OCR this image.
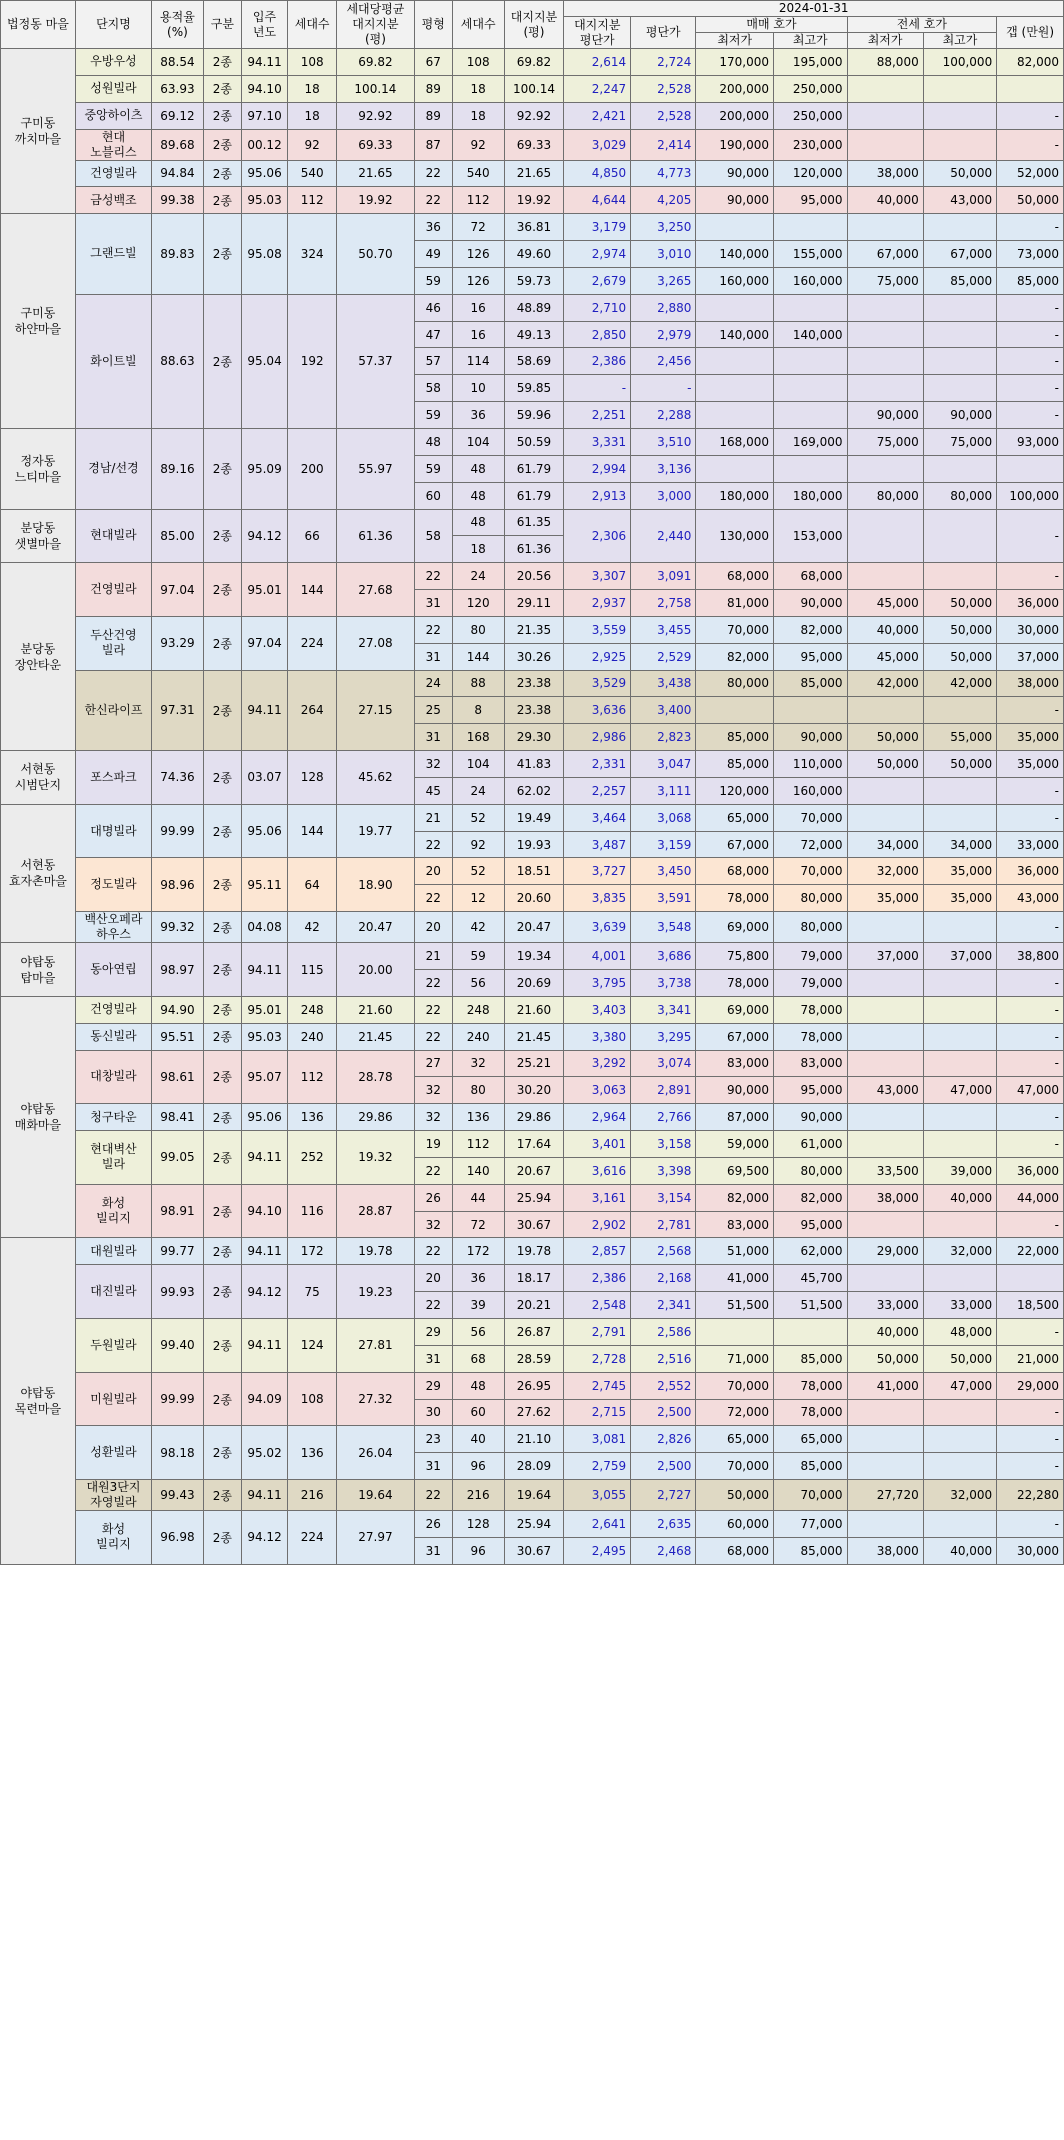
법정동 마을	단지명	용적율 (%)	구분	입주 년도	세대수	세대당평균 대지지분 (평)	평형	세대수	대지지분 (평)	2024-01-31						
										대지지분 평단가	평단가	매매 호가		전세 호가		갭 (만원)
												최저가	최고가	최저가	최고가	
구미동
까치마을	우방우성	88.54	2종	94.11	108	69.82	67	108	69.82	2,614	2,724	170,000	195,000	88,000	100,000	82,000
	성원빌라	63.93	2종	94.10	18	100.14	89	18	100.14	2,247	2,528	200,000	250,000			
	중앙하이츠	69.12	2종	97.10	18	92.92	89	18	92.92	2,421	2,528	200,000	250,000			-
	현대
노블리스	89.68	2종	00.12	92	69.33	87	92	69.33	3,029	2,414	190,000	230,000			-
	건영빌라	94.84	2종	95.06	540	21.65	22	540	21.65	4,850	4,773	90,000	120,000	38,000	50,000	52,000
	금성백조	99.38	2종	95.03	112	19.92	22	112	19.92	4,644	4,205	90,000	95,000	40,000	43,000	50,000
구미동
하얀마을	그랜드빌	89.83	2종	95.08	324	50.70	36	72	36.81	3,179	3,250					-
							49	126	49.60	2,974	3,010	140,000	155,000	67,000	67,000	73,000
							59	126	59.73	2,679	3,265	160,000	160,000	75,000	85,000	85,000
	화이트빌	88.63	2종	95.04	192	57.37	46	16	48.89	2,710	2,880					-
							47	16	49.13	2,850	2,979	140,000	140,000			-
							57	114	58.69	2,386	2,456					-
							58	10	59.85	-	-					-
							59	36	59.96	2,251	2,288			90,000	90,000	-
정자동
느티마을	경남/선경	89.16	2종	95.09	200	55.97	48	104	50.59	3,331	3,510	168,000	169,000	75,000	75,000	93,000
							59	48	61.79	2,994	3,136					
							60	48	61.79	2,913	3,000	180,000	180,000	80,000	80,000	100,000
분당동
샛별마을	현대빌라	85.00	2종	94.12	66	61.36	58	48	61.35	2,306	2,440	130,000	153,000			-
								18	61.36							
분당동
장안타운	건영빌라	97.04	2종	95.01	144	27.68	22	24	20.56	3,307	3,091	68,000	68,000			-
							31	120	29.11	2,937	2,758	81,000	90,000	45,000	50,000	36,000
	두산건영
빌라	93.29	2종	97.04	224	27.08	22	80	21.35	3,559	3,455	70,000	82,000	40,000	50,000	30,000
							31	144	30.26	2,925	2,529	82,000	95,000	45,000	50,000	37,000
	한신라이프	97.31	2종	94.11	264	27.15	24	88	23.38	3,529	3,438	80,000	85,000	42,000	42,000	38,000
							25	8	23.38	3,636	3,400					-
							31	168	29.30	2,986	2,823	85,000	90,000	50,000	55,000	35,000
서현동
시범단지	포스파크	74.36	2종	03.07	128	45.62	32	104	41.83	2,331	3,047	85,000	110,000	50,000	50,000	35,000
							45	24	62.02	2,257	3,111	120,000	160,000			-
서현동
효자촌마을	대명빌라	99.99	2종	95.06	144	19.77	21	52	19.49	3,464	3,068	65,000	70,000			-
							22	92	19.93	3,487	3,159	67,000	72,000	34,000	34,000	33,000
	정도빌라	98.96	2종	95.11	64	18.90	20	52	18.51	3,727	3,450	68,000	70,000	32,000	35,000	36,000
							22	12	20.60	3,835	3,591	78,000	80,000	35,000	35,000	43,000
	백산오페라
하우스	99.32	2종	04.08	42	20.47	20	42	20.47	3,639	3,548	69,000	80,000			-
야탑동
탑마을	동아연립	98.97	2종	94.11	115	20.00	21	59	19.34	4,001	3,686	75,800	79,000	37,000	37,000	38,800
							22	56	20.69	3,795	3,738	78,000	79,000			-
야탑동
매화마을	건영빌라	94.90	2종	95.01	248	21.60	22	248	21.60	3,403	3,341	69,000	78,000			-
	동신빌라	95.51	2종	95.03	240	21.45	22	240	21.45	3,380	3,295	67,000	78,000			-
	대창빌라	98.61	2종	95.07	112	28.78	27	32	25.21	3,292	3,074	83,000	83,000			-
							32	80	30.20	3,063	2,891	90,000	95,000	43,000	47,000	47,000
	청구타운	98.41	2종	95.06	136	29.86	32	136	29.86	2,964	2,766	87,000	90,000			-
	현대벽산
빌라	99.05	2종	94.11	252	19.32	19	112	17.64	3,401	3,158	59,000	61,000			-
							22	140	20.67	3,616	3,398	69,500	80,000	33,500	39,000	36,000
	화성
빌리지	98.91	2종	94.10	116	28.87	26	44	25.94	3,161	3,154	82,000	82,000	38,000	40,000	44,000
							32	72	30.67	2,902	2,781	83,000	95,000			-
야탑동
목련마을	대원빌라	99.77	2종	94.11	172	19.78	22	172	19.78	2,857	2,568	51,000	62,000	29,000	32,000	22,000
	대진빌라	99.93	2종	94.12	75	19.23	20	36	18.17	2,386	2,168	41,000	45,700			
							22	39	20.21	2,548	2,341	51,500	51,500	33,000	33,000	18,500
	두원빌라	99.40	2종	94.11	124	27.81	29	56	26.87	2,791	2,586			40,000	48,000	-
							31	68	28.59	2,728	2,516	71,000	85,000	50,000	50,000	21,000
	미원빌라	99.99	2종	94.09	108	27.32	29	48	26.95	2,745	2,552	70,000	78,000	41,000	47,000	29,000
							30	60	27.62	2,715	2,500	72,000	78,000			-
	성환빌라	98.18	2종	95.02	136	26.04	23	40	21.10	3,081	2,826	65,000	65,000			-
							31	96	28.09	2,759	2,500	70,000	85,000			-
	대원3단지
자영빌라	99.43	2종	94.11	216	19.64	22	216	19.64	3,055	2,727	50,000	70,000	27,720	32,000	22,280
	화성
빌리지	96.98	2종	94.12	224	27.97	26	128	25.94	2,641	2,635	60,000	77,000			-
							31	96	30.67	2,495	2,468	68,000	85,000	38,000	40,000	30,000
